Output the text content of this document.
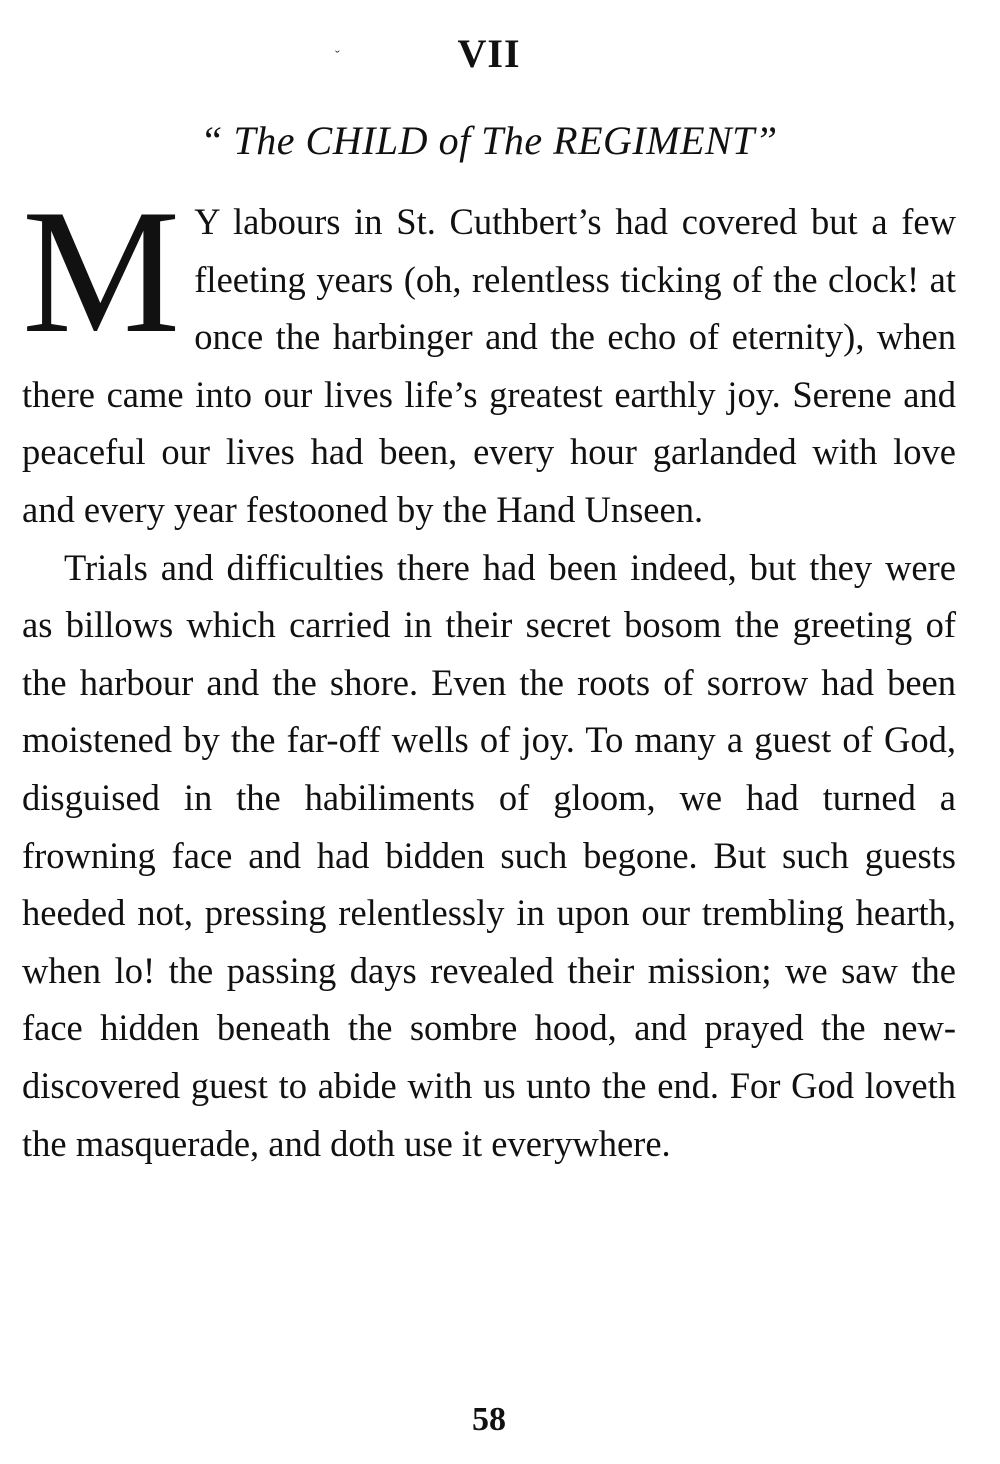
ˇ	VII
“ The CHILD of The REGIMENT”

M Y labours in St. Cuthbert’s had covered but a few fleeting years (oh, relentless ticking of the clock! at once the harbinger and the echo of eternity), when there came into our lives life’s greatest earthly joy. Serene and peaceful our lives had been, every hour garlanded with love and every year festooned by the Hand Unseen.

Trials and difficulties there had been indeed, but they were as billows which carried in their secret bosom the greeting of the harbour and the shore. Even the roots of sorrow had been moistened by the far-off wells of joy. To many a guest of God, disguised in the habiliments of gloom, we had turned a frowning face and had bidden such begone. But such guests heeded not, pressing relentlessly in upon our trembling hearth, when lo! the passing days revealed their mission; we saw the face hidden beneath the sombre hood, and prayed the new-discovered guest to abide with us unto the end. For God loveth the masquerade, and doth use it everywhere.

58
